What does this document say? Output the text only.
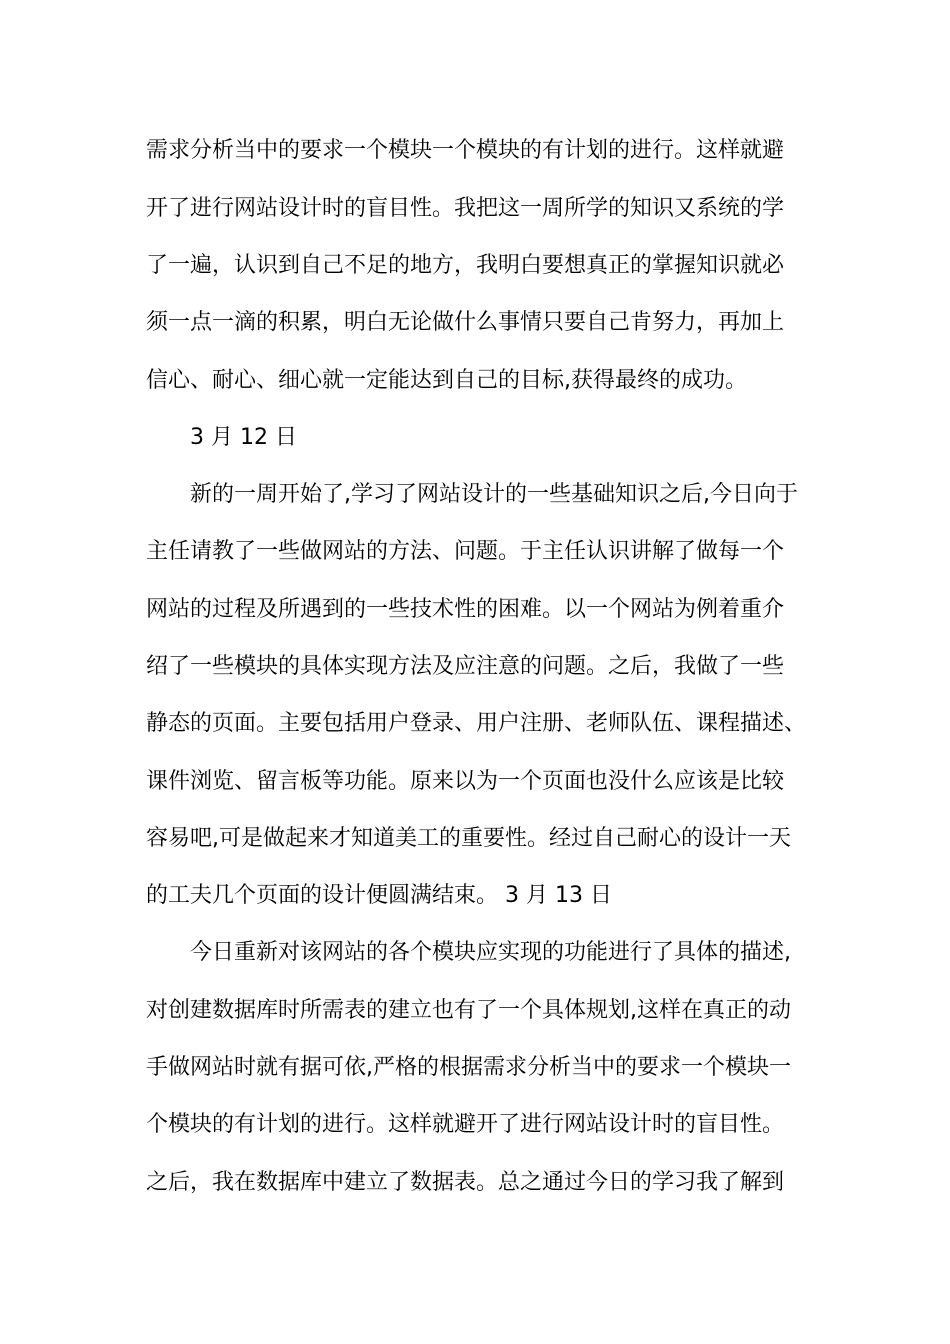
需求分析当中的要求一个模块一个模块的有计划的进行。这样就避
开了进行网站设计时的盲目性。我把这一周所学的知识又系统的学
了一遍，认识到自己不足的地方，我明白要想真正的掌握知识就必
须一点一滴的积累，明白无论做什么事情只要自己肯努力，再加上
信心、耐心、细心就一定能达到自己的目标,获得最终的成功。
3 月 12 日
新的一周开始了,学习了网站设计的一些基础知识之后,今日向于
主任请教了一些做网站的方法、问题。于主任认识讲解了做每一个
网站的过程及所遇到的一些技术性的困难。以一个网站为例着重介
绍了一些模块的具体实现方法及应注意的问题。之后，我做了一些
静态的页面。主要包括用户登录、用户注册、老师队伍、课程描述、
课件浏览、留言板等功能。原来以为一个页面也没什么应该是比较
容易吧,可是做起来才知道美工的重要性。经过自己耐心的设计一天
的工夫几个页面的设计便圆满结束。 3 月 13 日
今日重新对该网站的各个模块应实现的功能进行了具体的描述,
对创建数据库时所需表的建立也有了一个具体规划,这样在真正的动
手做网站时就有据可依,严格的根据需求分析当中的要求一个模块一
个模块的有计划的进行。这样就避开了进行网站设计时的盲目性。
之后，我在数据库中建立了数据表。总之通过今日的学习我了解到
